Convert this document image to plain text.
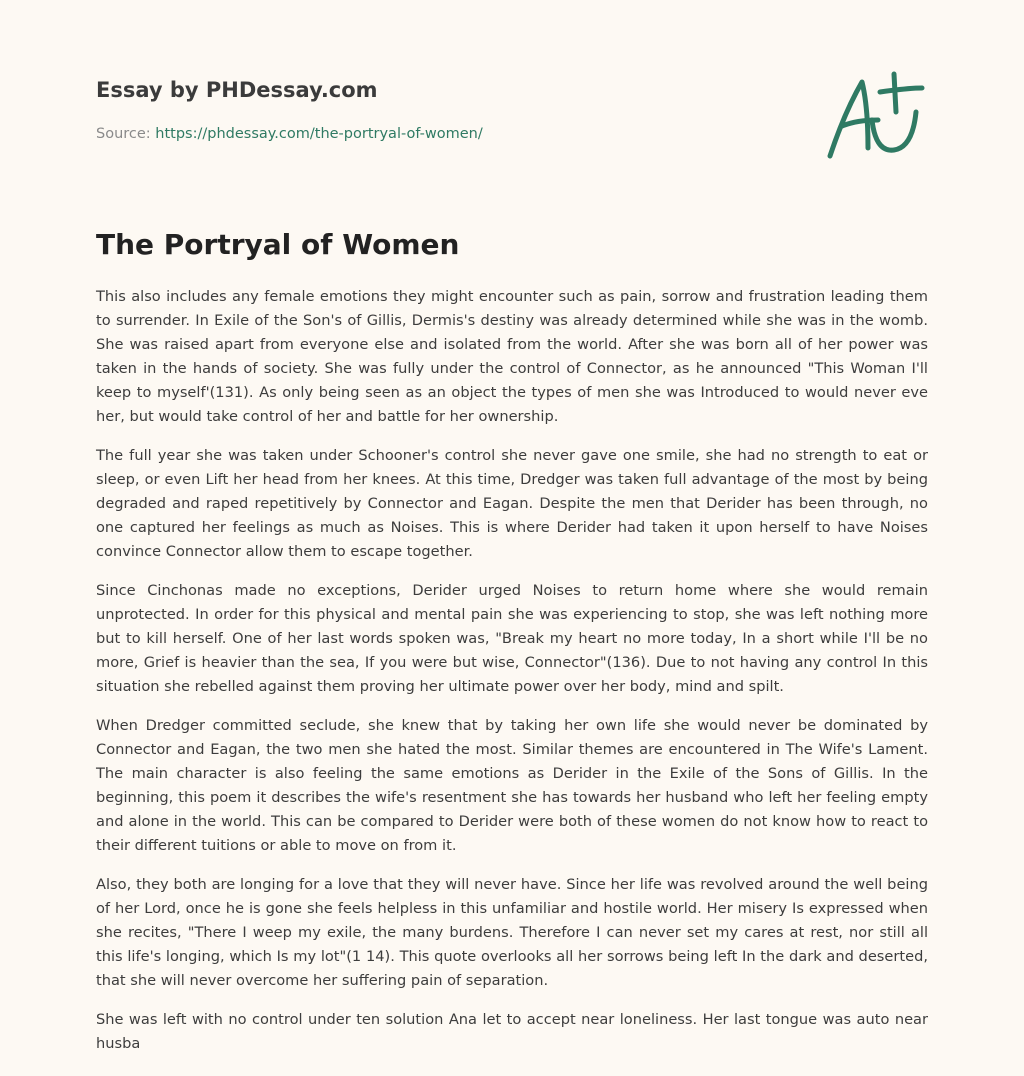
Essay by PHDessay.com
Source: https://phdessay.com/the-portryal-of-women/
The Portryal of Women

This also includes any female emotions they might encounter such as pain, sorrow and frustration leading them to surrender. In Exile of the Son's of Gillis, Dermis's destiny was already determined while she was in the womb. She was raised apart from everyone else and isolated from the world. After she was born all of her power was taken in the hands of society. She was fully under the control of Connector, as he announced "This Woman I'll keep to myself'(131). As only being seen as an object the types of men she was Introduced to would never eve her, but would take control of her and battle for her ownership.

The full year she was taken under Schooner's control she never gave one smile, she had no strength to eat or sleep, or even Lift her head from her knees. At this time, Dredger was taken full advantage of the most by being degraded and raped repetitively by Connector and Eagan. Despite the men that Derider has been through, no one captured her feelings as much as Noises. This is where Derider had taken it upon herself to have Noises convince Connector allow them to escape together.

Since Cinchonas made no exceptions, Derider urged Noises to return home where she would remain unprotected. In order for this physical and mental pain she was experiencing to stop, she was left nothing more but to kill herself. One of her last words spoken was, "Break my heart no more today, In a short while I'll be no more, Grief is heavier than the sea, If you were but wise, Connector"(136). Due to not having any control In this situation she rebelled against them proving her ultimate power over her body, mind and spilt.

When Dredger committed seclude, she knew that by taking her own life she would never be dominated by Connector and Eagan, the two men she hated the most. Similar themes are encountered in The Wife's Lament. The main character is also feeling the same emotions as Derider in the Exile of the Sons of Gillis. In the beginning, this poem it describes the wife's resentment she has towards her husband who left her feeling empty and alone in the world. This can be compared to Derider were both of these women do not know how to react to their different tuitions or able to move on from it.

Also, they both are longing for a love that they will never have. Since her life was revolved around the well being of her Lord, once he is gone she feels helpless in this unfamiliar and hostile world. Her misery Is expressed when she recites, "There I weep my exile, the many burdens. Therefore I can never set my cares at rest, nor still all this life's longing, which Is my lot"(1 14). This quote overlooks all her sorrows being left In the dark and deserted, that she will never overcome her suffering pain of separation.

She was left with no control under ten solution Ana let to accept near loneliness. Her last tongue was auto near husba
